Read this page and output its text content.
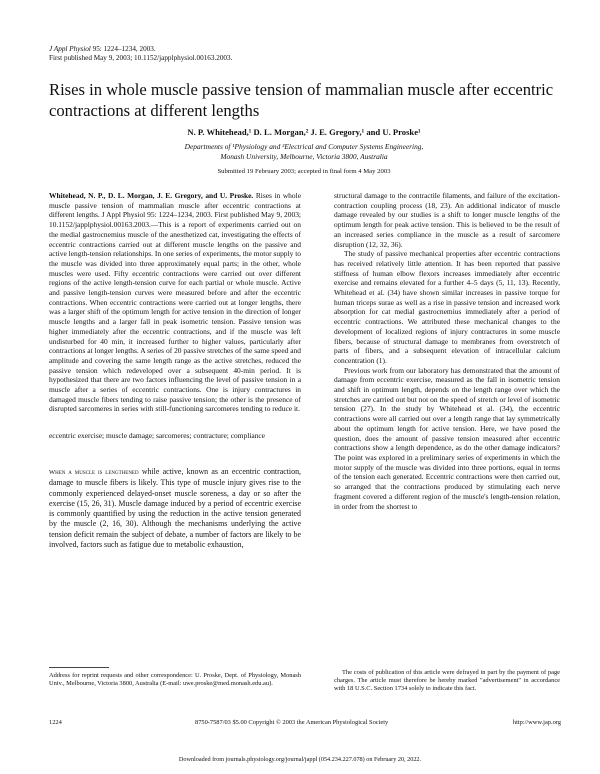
J Appl Physiol 95: 1224–1234, 2003.
First published May 9, 2003; 10.1152/japplphysiol.00163.2003.
Rises in whole muscle passive tension of mammalian muscle after eccentric contractions at different lengths
N. P. Whitehead,¹ D. L. Morgan,² J. E. Gregory,¹ and U. Proske¹
Departments of ¹Physiology and ²Electrical and Computer Systems Engineering,
Monash University, Melbourne, Victoria 3800, Australia
Submitted 19 February 2003; accepted in final form 4 May 2003
Whitehead, N. P., D. L. Morgan, J. E. Gregory, and U. Proske. Rises in whole muscle passive tension of mammalian muscle after eccentric contractions at different lengths. J Appl Physiol 95: 1224–1234, 2003. First published May 9, 2003; 10.1152/japplphysiol.00163.2003.—This is a report of experiments carried out on the medial gastrocnemius muscle of the anesthetized cat, investigating the effects of eccentric contractions carried out at different muscle lengths on the passive and active length-tension relationships. In one series of experiments, the motor supply to the muscle was divided into three approximately equal parts; in the other, whole muscles were used. Fifty eccentric contractions were carried out over different regions of the active length-tension curve for each partial or whole muscle. Active and passive length-tension curves were measured before and after the eccentric contractions. When eccentric contractions were carried out at longer lengths, there was a larger shift of the optimum length for active tension in the direction of longer muscle lengths and a larger fall in peak isometric tension. Passive tension was higher immediately after the eccentric contractions, and if the muscle was left undisturbed for 40 min, it increased further to higher values, particularly after contractions at longer lengths. A series of 20 passive stretches of the same speed and amplitude and covering the same length range as the active stretches, reduced the passive tension which redeveloped over a subsequent 40-min period. It is hypothesized that there are two factors influencing the level of passive tension in a muscle after a series of eccentric contractions. One is injury contractures in damaged muscle fibers tending to raise passive tension; the other is the presence of disrupted sarcomeres in series with still-functioning sarcomeres tending to reduce it.
eccentric exercise; muscle damage; sarcomeres; contracture; compliance
When a muscle is lengthened while active, known as an eccentric contraction, damage to muscle fibers is likely. This type of muscle injury gives rise to the commonly experienced delayed-onset muscle soreness, a day or so after the exercise (15, 26, 31). Muscle damage induced by a period of eccentric exercise is commonly quantified by using the reduction in the active tension generated by the muscle (2, 16, 30). Although the mechanisms underlying the active tension deficit remain the subject of debate, a number of factors are likely to be involved, factors such as fatigue due to metabolic exhaustion,

structural damage to the contractile filaments, and failure of the excitation-contraction coupling process (18, 23). An additional indicator of muscle damage revealed by our studies is a shift to longer muscle lengths of the optimum length for peak active tension. This is believed to be the result of an increased series compliance in the muscle as a result of sarcomere disruption (12, 32, 36).

The study of passive mechanical properties after eccentric contractions has received relatively little attention. It has been reported that passive stiffness of human elbow flexors increases immediately after eccentric exercise and remains elevated for a further 4–5 days (5, 11, 13). Recently, Whitehead et al. (34) have shown similar increases in passive torque for human triceps surae as well as a rise in passive tension and increased work absorption for cat medial gastrocnemius immediately after a period of eccentric contractions. We attributed these mechanical changes to the development of localized regions of injury contractures in some muscle fibers, because of structural damage to membranes from overstretch of parts of fibers, and a subsequent elevation of intracellular calcium concentration (1).

Previous work from our laboratory has demonstrated that the amount of damage from eccentric exercise, measured as the fall in isometric tension and shift in optimum length, depends on the length range over which the stretches are carried out but not on the speed of stretch or level of isometric tension (27). In the study by Whitehead et al. (34), the eccentric contractions were all carried out over a length range that lay symmetrically about the optimum length for active tension. Here, we have posed the question, does the amount of passive tension measured after eccentric contractions show a length dependence, as do the other damage indicators? The point was explored in a preliminary series of experiments in which the motor supply of the muscle was divided into three portions, equal in terms of the tension each generated. Eccentric contractions were then carried out, so arranged that the contractions produced by stimulating each nerve fragment covered a different region of the muscle's length-tension relation, in order from the shortest to

Address for reprint requests and other correspondence: U. Proske, Dept. of Physiology, Monash Univ., Melbourne, Victoria 3800, Australia (E-mail: uwe.proske@med.monash.edu.au).
The costs of publication of this article were defrayed in part by the payment of page charges. The article must therefore be hereby marked "advertisement" in accordance with 18 U.S.C. Section 1734 solely to indicate this fact.
1224	8750-7587/03 $5.00 Copyright © 2003 the American Physiological Society	http://www.jap.org
Downloaded from journals.physiology.org/journal/jappl (054.234.227.078) on February 20, 2022.
